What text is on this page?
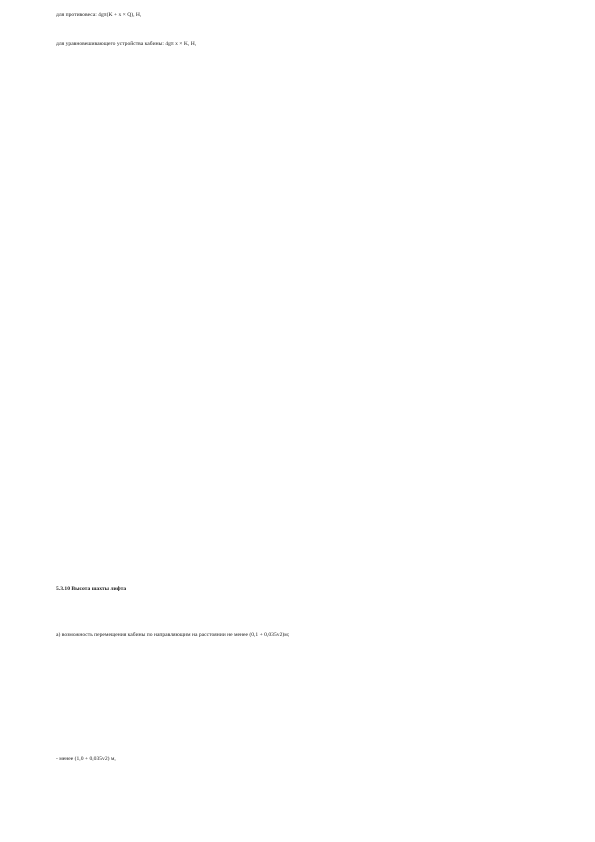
для противовеса: 4gπ(K + x × Q), Н,
для уравновешивающего устройства кабины: 4gπ x × K, Н,
5.3.10 Высота шахты лифта
а) возможность перемещения кабины по направляющим на расстоянии не менее (0,1 + 0,035v2)м;
- менее (1,0 + 0,035v2) м,
